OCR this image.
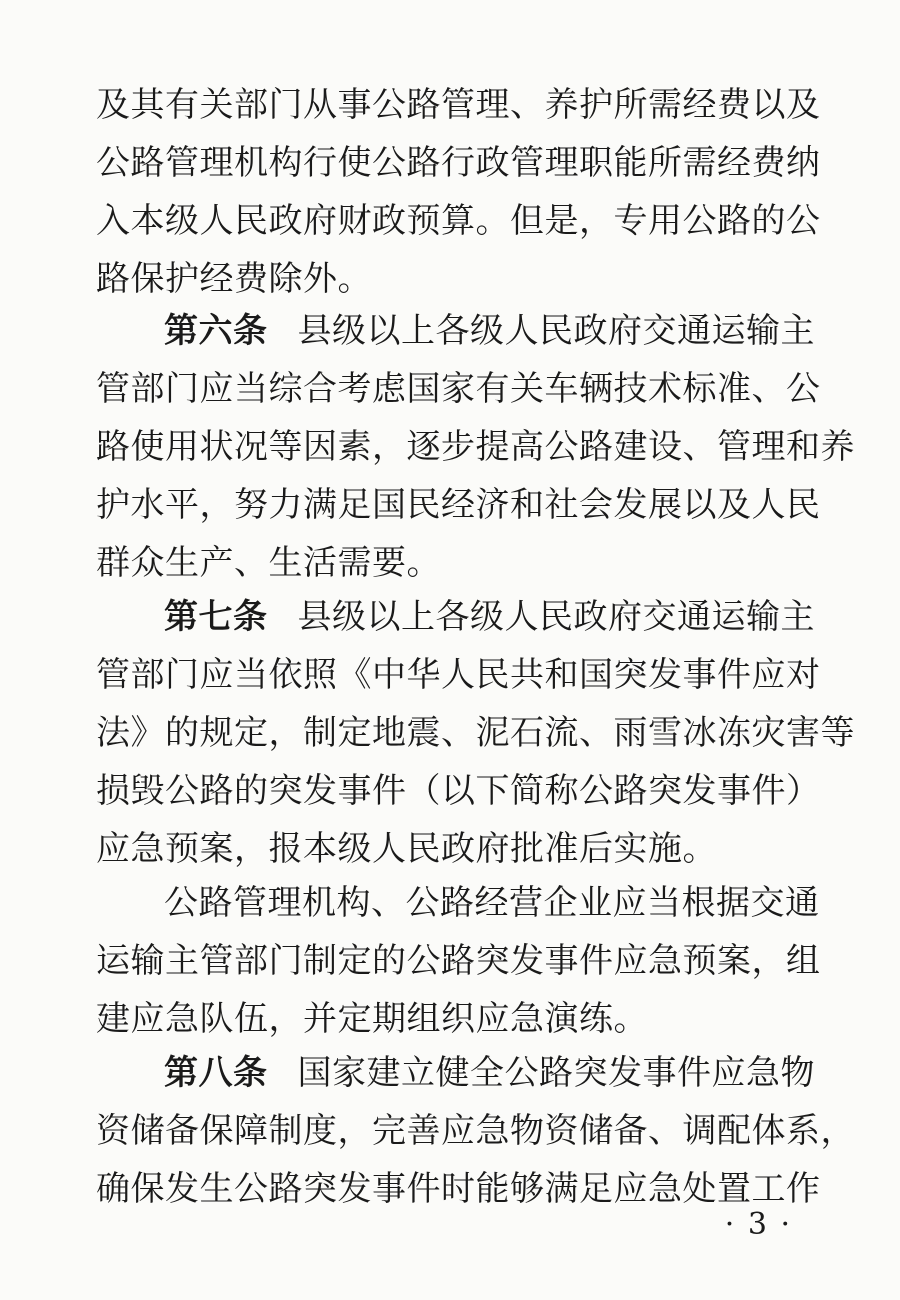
及其有关部门从事公路管理、养护所需经费以及
公路管理机构行使公路行政管理职能所需经费纳
入本级人民政府财政预算。但是，专用公路的公
路保护经费除外。
第六条 县级以上各级人民政府交通运输主
管部门应当综合考虑国家有关车辆技术标准、公
路使用状况等因素，逐步提高公路建设、管理和养
护水平，努力满足国民经济和社会发展以及人民
群众生产、生活需要。
第七条 县级以上各级人民政府交通运输主
管部门应当依照《中华人民共和国突发事件应对
法》的规定，制定地震、泥石流、雨雪冰冻灾害等
损毁公路的突发事件（以下简称公路突发事件）
应急预案，报本级人民政府批准后实施。
公路管理机构、公路经营企业应当根据交通
运输主管部门制定的公路突发事件应急预案，组
建应急队伍，并定期组织应急演练。
第八条 国家建立健全公路突发事件应急物
资储备保障制度，完善应急物资储备、调配体系，
确保发生公路突发事件时能够满足应急处置工作
· 3 ·
